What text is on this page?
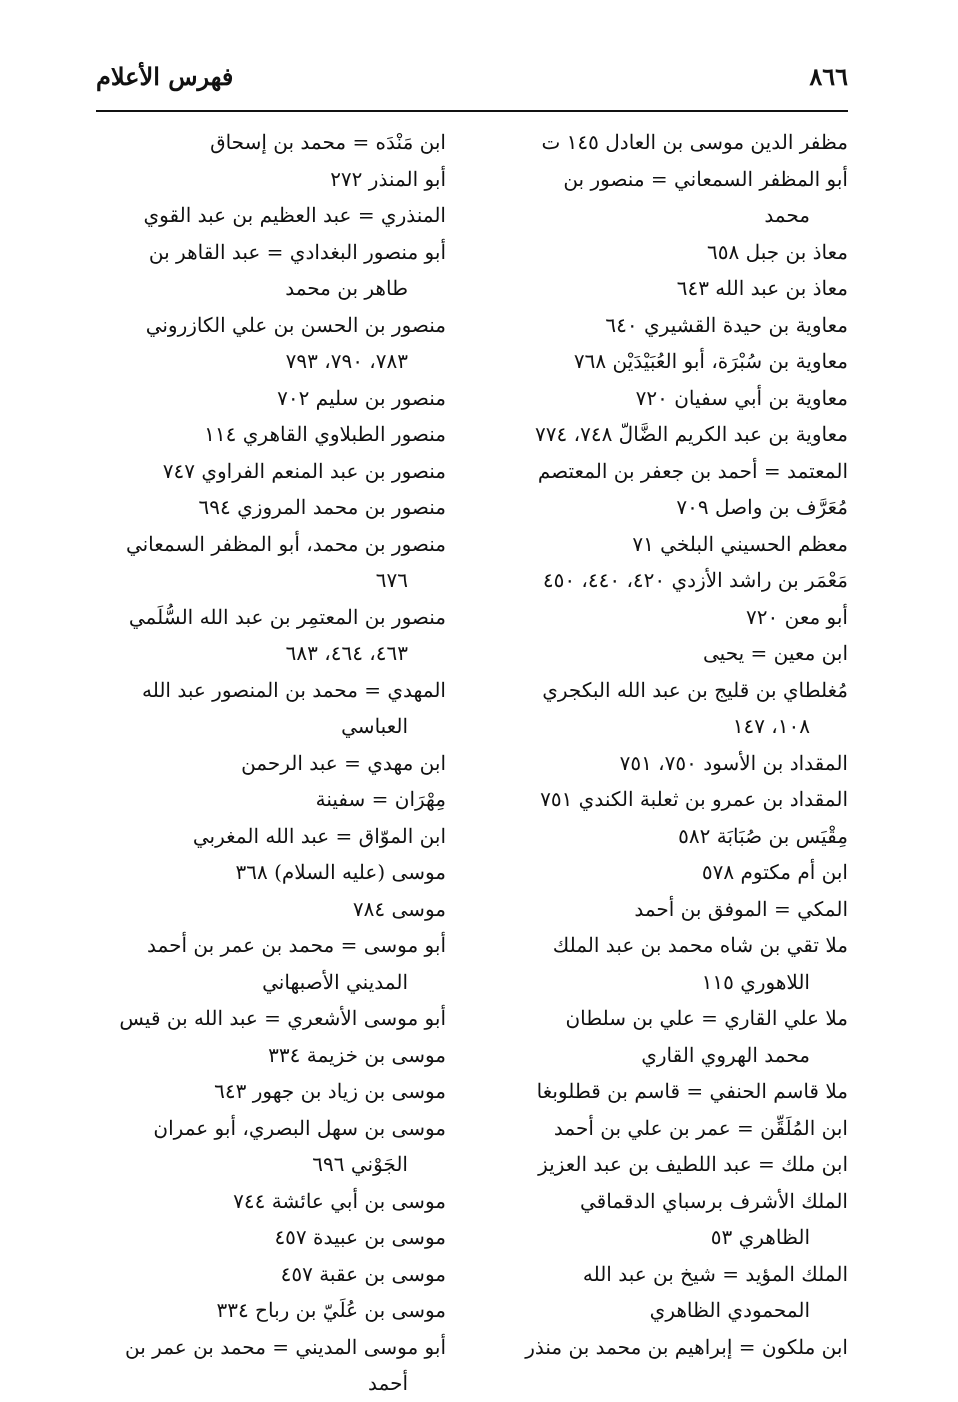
٨٦٦
فهرس الأعلام

مظفر الدين موسى بن العادل ١٤٥ ت

أبو المظفر السمعاني = منصور بن محمد

معاذ بن جبل ٦٥٨

معاذ بن عبد الله ٦٤٣

معاوية بن حيدة القشيري ٦٤٠

معاوية بن سُبْرَة، أبو العُبَيْدَيْن ٧٦٨

معاوية بن أبي سفيان ٧٢٠

معاوية بن عبد الكريم الضَّالّ ٧٤٨، ٧٧٤

المعتمد = أحمد بن جعفر بن المعتصم

مُعَرَّف بن واصل ٧٠٩

معظم الحسيني البلخي ٧١

مَعْمَر بن راشد الأزدي ٤٢٠، ٤٤٠، ٤٥٠

أبو معن ٧٢٠

ابن معين = يحيى

مُغلطاي بن قليج بن عبد الله البكجري ١٠٨، ١٤٧

المقداد بن الأسود ٧٥٠، ٧٥١

المقداد بن عمرو بن ثعلبة الكندي ٧٥١

مِقْيَس بن صُبَابَة ٥٨٢

ابن أم مكتوم ٥٧٨

المكي = الموفق بن أحمد

ملا تقي بن شاه محمد بن عبد الملك اللاهوري ١١٥

ملا علي القاري = علي بن سلطان محمد الهروي القاري

ملا قاسم الحنفي = قاسم بن قطلوبغا

ابن المُلَقِّن = عمر بن علي بن أحمد

ابن ملك = عبد اللطيف بن عبد العزيز

الملك الأشرف برسباي الدقماقي الظاهري ٥٣

الملك المؤيد = شيخ بن عبد الله المحمودي الظاهري

ابن ملكون = إبراهيم بن محمد بن منذر

ابن مَنْدَه = محمد بن إسحاق

أبو المنذر ٢٧٢

المنذري = عبد العظيم بن عبد القوي

أبو منصور البغدادي = عبد القاهر بن طاهر بن محمد

منصور بن الحسن بن علي الكازروني ٧٨٣، ٧٩٠، ٧٩٣

منصور بن سليم ٧٠٢

منصور الطبلاوي القاهري ١١٤

منصور بن عبد المنعم الفراوي ٧٤٧

منصور بن محمد المروزي ٦٩٤

منصور بن محمد، أبو المظفر السمعاني ٦٧٦

منصور بن المعتمِر بن عبد الله السُّلَمي ٤٦٣، ٤٦٤، ٦٨٣

المهدي = محمد بن المنصور عبد الله العباسي

ابن مهدي = عبد الرحمن

مِهْرَان = سفينة

ابن الموّاق = عبد الله المغربي

موسى (عليه السلام) ٣٦٨

موسى ٧٨٤

أبو موسى = محمد بن عمر بن أحمد المديني الأصبهاني

أبو موسى الأشعري = عبد الله بن قيس

موسى بن خزيمة ٣٣٤

موسى بن زياد بن جهور ٦٤٣

موسى بن سهل البصري، أبو عمران الجَوْني ٦٩٦

موسى بن أبي عائشة ٧٤٤

موسى بن عبيدة ٤٥٧

موسى بن عقبة ٤٥٧

موسى بن عُلَيّ بن رباح ٣٣٤

أبو موسى المديني = محمد بن عمر بن أحمد
